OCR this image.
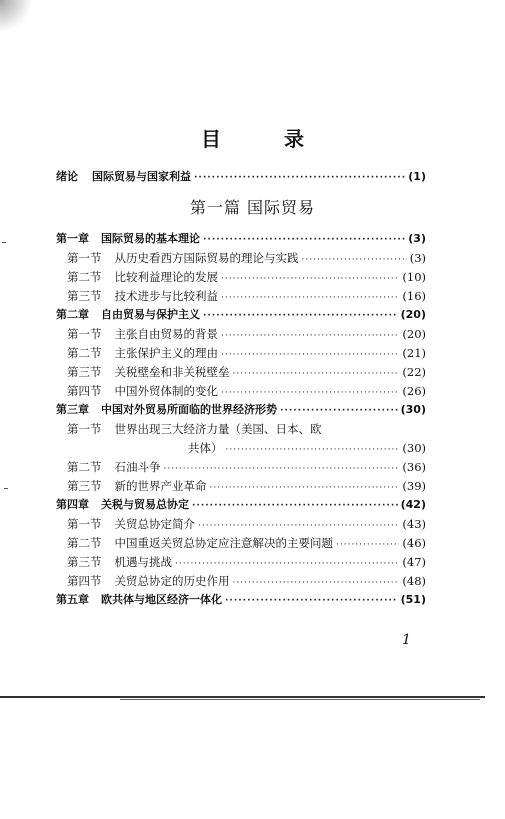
目 录
绪论 国际贸易与国家利益 ·····	(1)
第一篇 国际贸易
第一章 国际贸易的基本理论 ·····	(3)
第一节 从历史看西方国际贸易的理论与实践 ·····	(3)
第二节 比较利益理论的发展 ·····	(10)
第三节 技术进步与比较利益 ·····	(16)
第二章 自由贸易与保护主义 ·····	(20)
第一节 主张自由贸易的背景 ·····	(20)
第二节 主张保护主义的理由 ·····	(21)
第三节 关税壁垒和非关税壁垒 ·····	(22)
第四节 中国外贸体制的变化 ·····	(26)
第三章 中国对外贸易所面临的世界经济形势 ·····	(30)
第一节 世界出现三大经济力量（美国、日本、欧
共体） ·····	(30)
第二节 石油斗争 ·····	(36)
第三节 新的世界产业革命 ·····	(39)
第四章 关税与贸易总协定 ·····	(42)
第一节 关贸总协定简介 ·····	(43)
第二节 中国重返关贸总协定应注意解决的主要问题 ·····	(46)
第三节 机遇与挑战 ·····	(47)
第四节 关贸总协定的历史作用 ·····	(48)
第五章 欧共体与地区经济一体化 ·····	(51)
1
